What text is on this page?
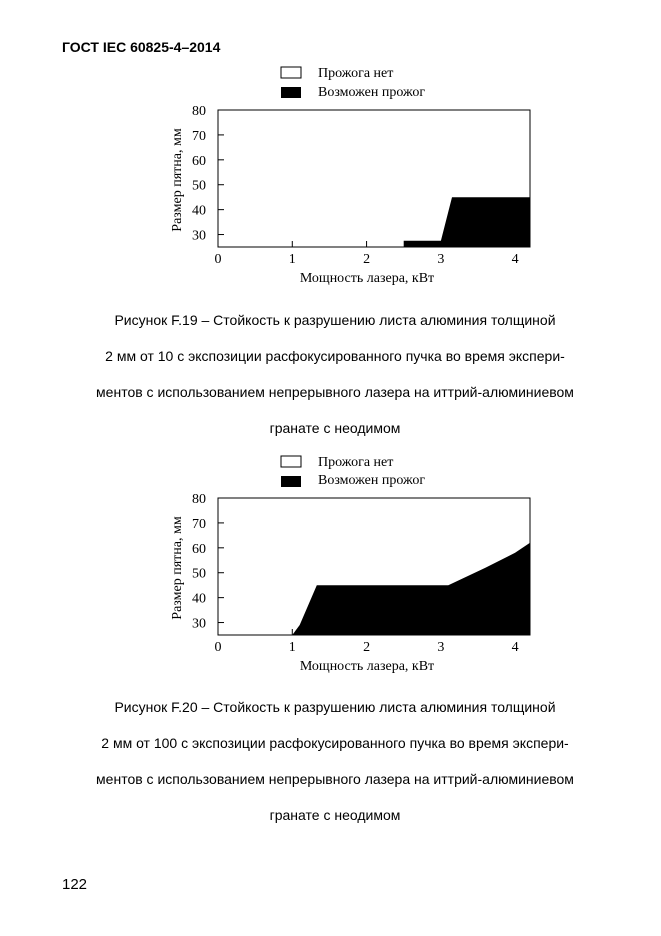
ГОСТ IEC 60825-4–2014
Прожога нет
Возможен прожог
30
40
50
60
70
80
0	1	2	3	4
Мощность лазера, кВт
Размер пятна, мм
Рисунок F.19 – Стойкость к разрушению листа алюминия толщиной
2 мм от 10 с экспозиции расфокусированного пучка во время экспери-
ментов с использованием непрерывного лазера на иттрий-алюминиевом
гранате с неодимом
Прожога нет
Возможен прожог
30
40
50
60
70
80
0	1	2	3	4
Мощность лазера, кВт
Размер пятна, мм
Рисунок F.20 – Стойкость к разрушению листа алюминия толщиной
2 мм от 100 с экспозиции расфокусированного пучка во время экспери-
ментов с использованием непрерывного лазера на иттрий-алюминиевом
гранате с неодимом
122
